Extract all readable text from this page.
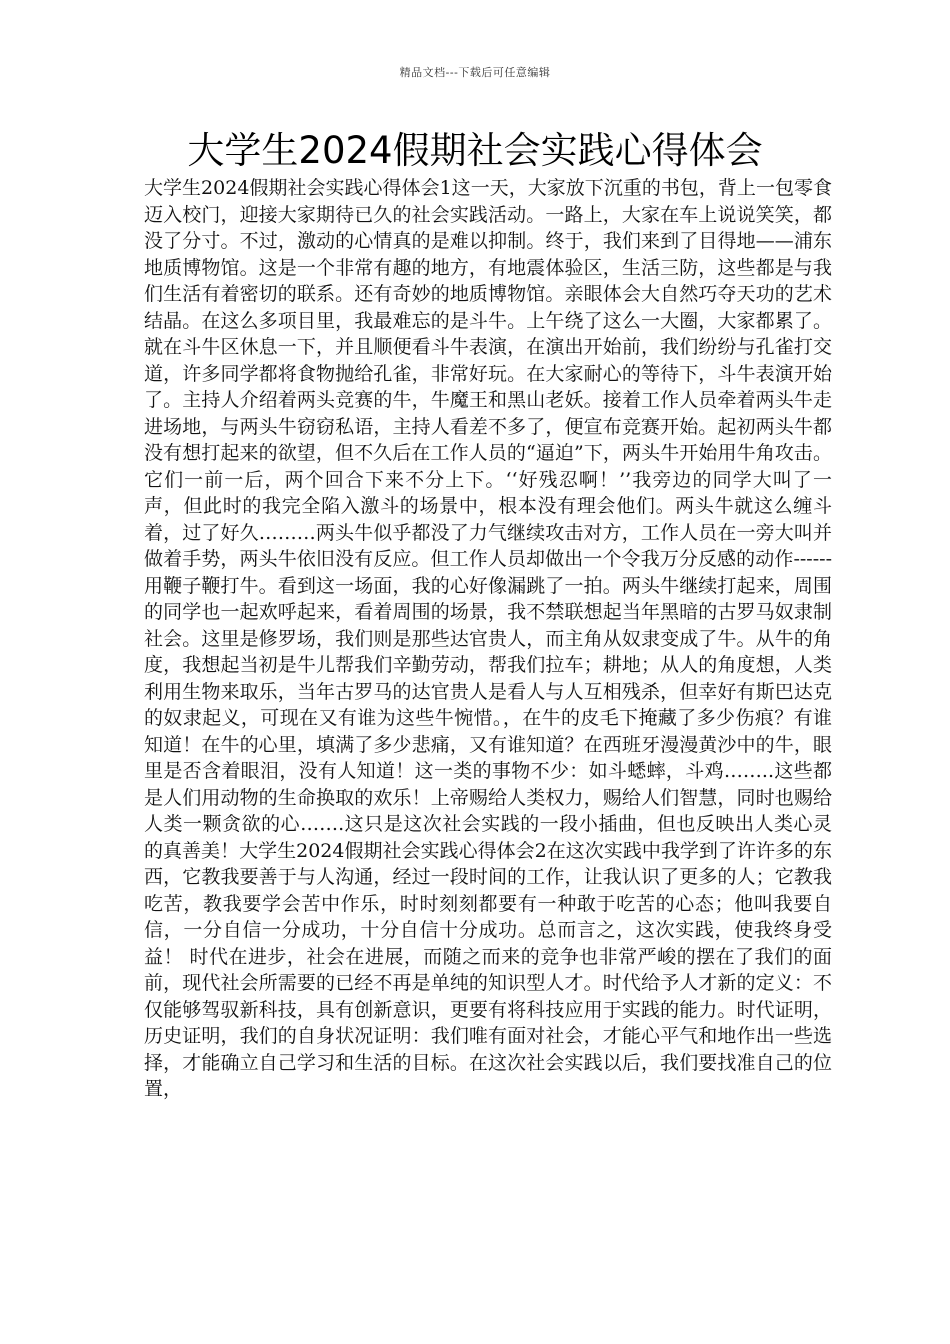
精品文档---下载后可任意编辑
大学生2024假期社会实践心得体会

大学生2024假期社会实践心得体会1这一天，大家放下沉重的书包，背上一包零食迈入校门，迎接大家期待已久的社会实践活动。一路上，大家在车上说说笑笑，都没了分寸。不过，激动的心情真的是难以抑制。终于，我们来到了目得地——浦东地质博物馆。这是一个非常有趣的地方，有地震体验区，生活三防，这些都是与我们生活有着密切的联系。还有奇妙的地质博物馆。亲眼体会大自然巧夺天功的艺术结晶。在这么多项目里，我最难忘的是斗牛。上午绕了这么一大圈，大家都累了。就在斗牛区休息一下，并且顺便看斗牛表演，在演出开始前，我们纷纷与孔雀打交道，许多同学都将食物抛给孔雀，非常好玩。在大家耐心的等待下，斗牛表演开始了。主持人介绍着两头竞赛的牛，牛魔王和黑山老妖。接着工作人员牵着两头牛走进场地，与两头牛窃窃私语，主持人看差不多了，便宣布竞赛开始。起初两头牛都没有想打起来的欲望，但不久后在工作人员的“逼迫”下，两头牛开始用牛角攻击。它们一前一后，两个回合下来不分上下。‘‘好残忍啊！’’我旁边的同学大叫了一声，但此时的我完全陷入激斗的场景中，根本没有理会他们。两头牛就这么缠斗着，过了好久………两头牛似乎都没了力气继续攻击对方，工作人员在一旁大叫并做着手势，两头牛依旧没有反应。但工作人员却做出一个令我万分反感的动作------用鞭子鞭打牛。看到这一场面，我的心好像漏跳了一拍。两头牛继续打起来，周围的同学也一起欢呼起来，看着周围的场景，我不禁联想起当年黑暗的古罗马奴隶制社会。这里是修罗场，我们则是那些达官贵人，而主角从奴隶变成了牛。从牛的角度，我想起当初是牛儿帮我们辛勤劳动，帮我们拉车；耕地；从人的角度想，人类利用生物来取乐，当年古罗马的达官贵人是看人与人互相残杀，但幸好有斯巴达克的奴隶起义，可现在又有谁为这些牛惋惜。，在牛的皮毛下掩藏了多少伤痕？有谁知道！在牛的心里，填满了多少悲痛，又有谁知道？在西班牙漫漫黄沙中的牛，眼里是否含着眼泪，没有人知道！这一类的事物不少：如斗蟋蟀，斗鸡……..这些都是人们用动物的生命换取的欢乐！上帝赐给人类权力，赐给人们智慧，同时也赐给人类一颗贪欲的心…….这只是这次社会实践的一段小插曲，但也反映出人类心灵的真善美！大学生2024假期社会实践心得体会2在这次实践中我学到了许许多的东西，它教我要善于与人沟通，经过一段时间的工作，让我认识了更多的人；它教我吃苦，教我要学会苦中作乐，时时刻刻都要有一种敢于吃苦的心态；他叫我要自信，一分自信一分成功，十分自信十分成功。总而言之，这次实践，使我终身受益！ 时代在进步，社会在进展，而随之而来的竞争也非常严峻的摆在了我们的面前，现代社会所需要的已经不再是单纯的知识型人才。时代给予人才新的定义：不仅能够驾驭新科技，具有创新意识，更要有将科技应用于实践的能力。时代证明，历史证明，我们的自身状况证明：我们唯有面对社会，才能心平气和地作出一些选择，才能确立自己学习和生活的目标。在这次社会实践以后，我们要找准自己的位置，
